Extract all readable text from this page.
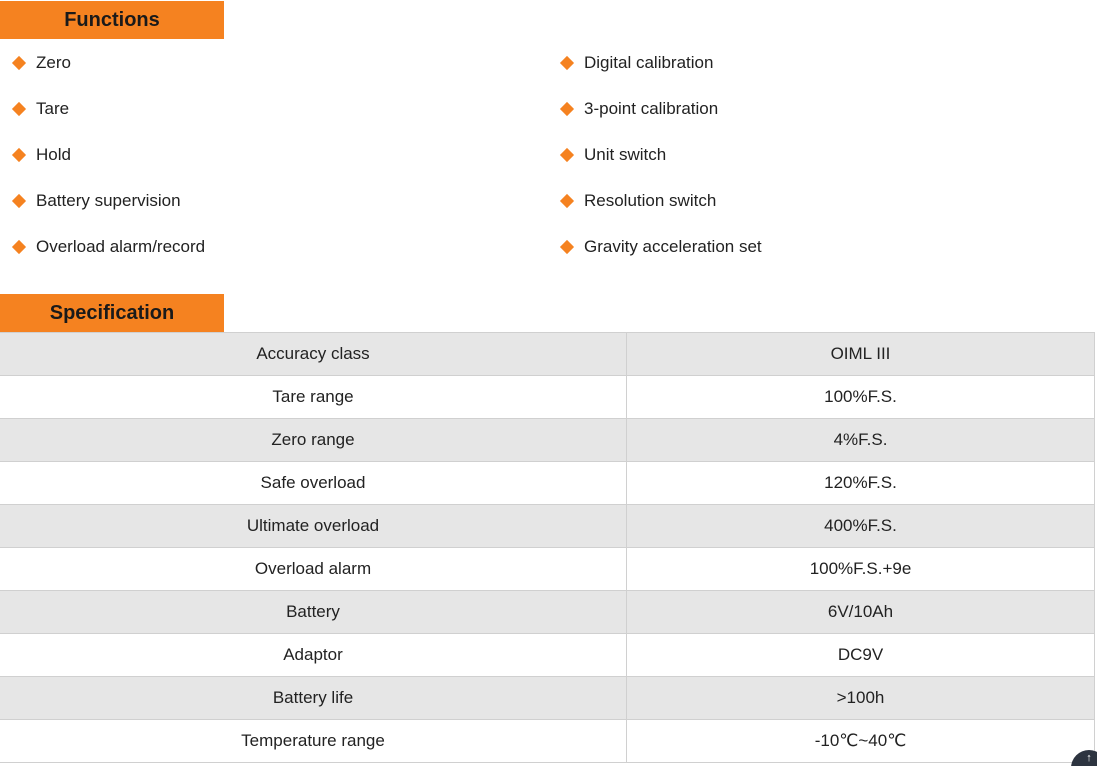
Functions
Zero
Tare
Hold
Battery supervision
Overload alarm/record
Digital calibration
3-point calibration
Unit switch
Resolution switch
Gravity acceleration set
Specification
Accuracy class	OIML III
Tare range	100%F.S.
Zero range	4%F.S.
Safe overload	120%F.S.
Ultimate overload	400%F.S.
Overload alarm	100%F.S.+9e
Battery	6V/10Ah
Adaptor	DC9V
Battery life	>100h
Temperature range	-10℃~40℃
↑
